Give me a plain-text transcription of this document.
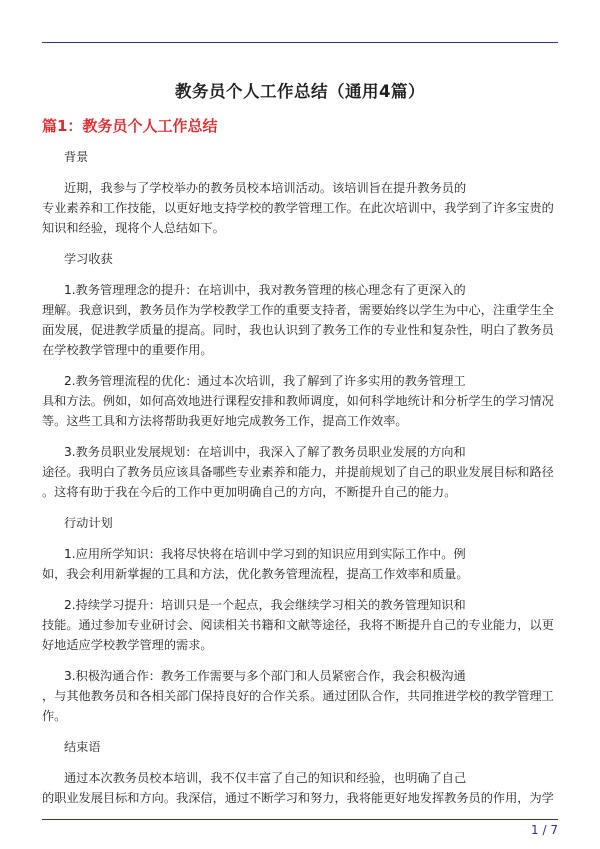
教务员个人工作总结（通用4篇）
篇1：教务员个人工作总结

背景

近期，我参与了学校举办的教务员校本培训活动。该培训旨在提升教务员的
专业素养和工作技能，以更好地支持学校的教学管理工作。在此次培训中，我学到了许多宝贵的
知识和经验，现将个人总结如下。

学习收获

1.教务管理理念的提升：在培训中，我对教务管理的核心理念有了更深入的
理解。我意识到，教务员作为学校教学工作的重要支持者，需要始终以学生为中心，注重学生全
面发展，促进教学质量的提高。同时，我也认识到了教务工作的专业性和复杂性，明白了教务员
在学校教学管理中的重要作用。

2.教务管理流程的优化：通过本次培训，我了解到了许多实用的教务管理工
具和方法。例如，如何高效地进行课程安排和教师调度，如何科学地统计和分析学生的学习情况
等。这些工具和方法将帮助我更好地完成教务工作，提高工作效率。

3.教务员职业发展规划：在培训中，我深入了解了教务员职业发展的方向和
途径。我明白了教务员应该具备哪些专业素养和能力，并提前规划了自己的职业发展目标和路径
。这将有助于我在今后的工作中更加明确自己的方向，不断提升自己的能力。

行动计划

1.应用所学知识：我将尽快将在培训中学习到的知识应用到实际工作中。例
如，我会利用新掌握的工具和方法，优化教务管理流程，提高工作效率和质量。

2.持续学习提升：培训只是一个起点，我会继续学习相关的教务管理知识和
技能。通过参加专业研讨会、阅读相关书籍和文献等途径，我将不断提升自己的专业能力，以更
好地适应学校教学管理的需求。

3.积极沟通合作：教务工作需要与多个部门和人员紧密合作，我会积极沟通
，与其他教务员和各相关部门保持良好的合作关系。通过团队合作，共同推进学校的教学管理工
作。

结束语

通过本次教务员校本培训，我不仅丰富了自己的知识和经验，也明确了自己
的职业发展目标和方向。我深信，通过不断学习和努力，我将能更好地发挥教务员的作用，为学

1 / 7
